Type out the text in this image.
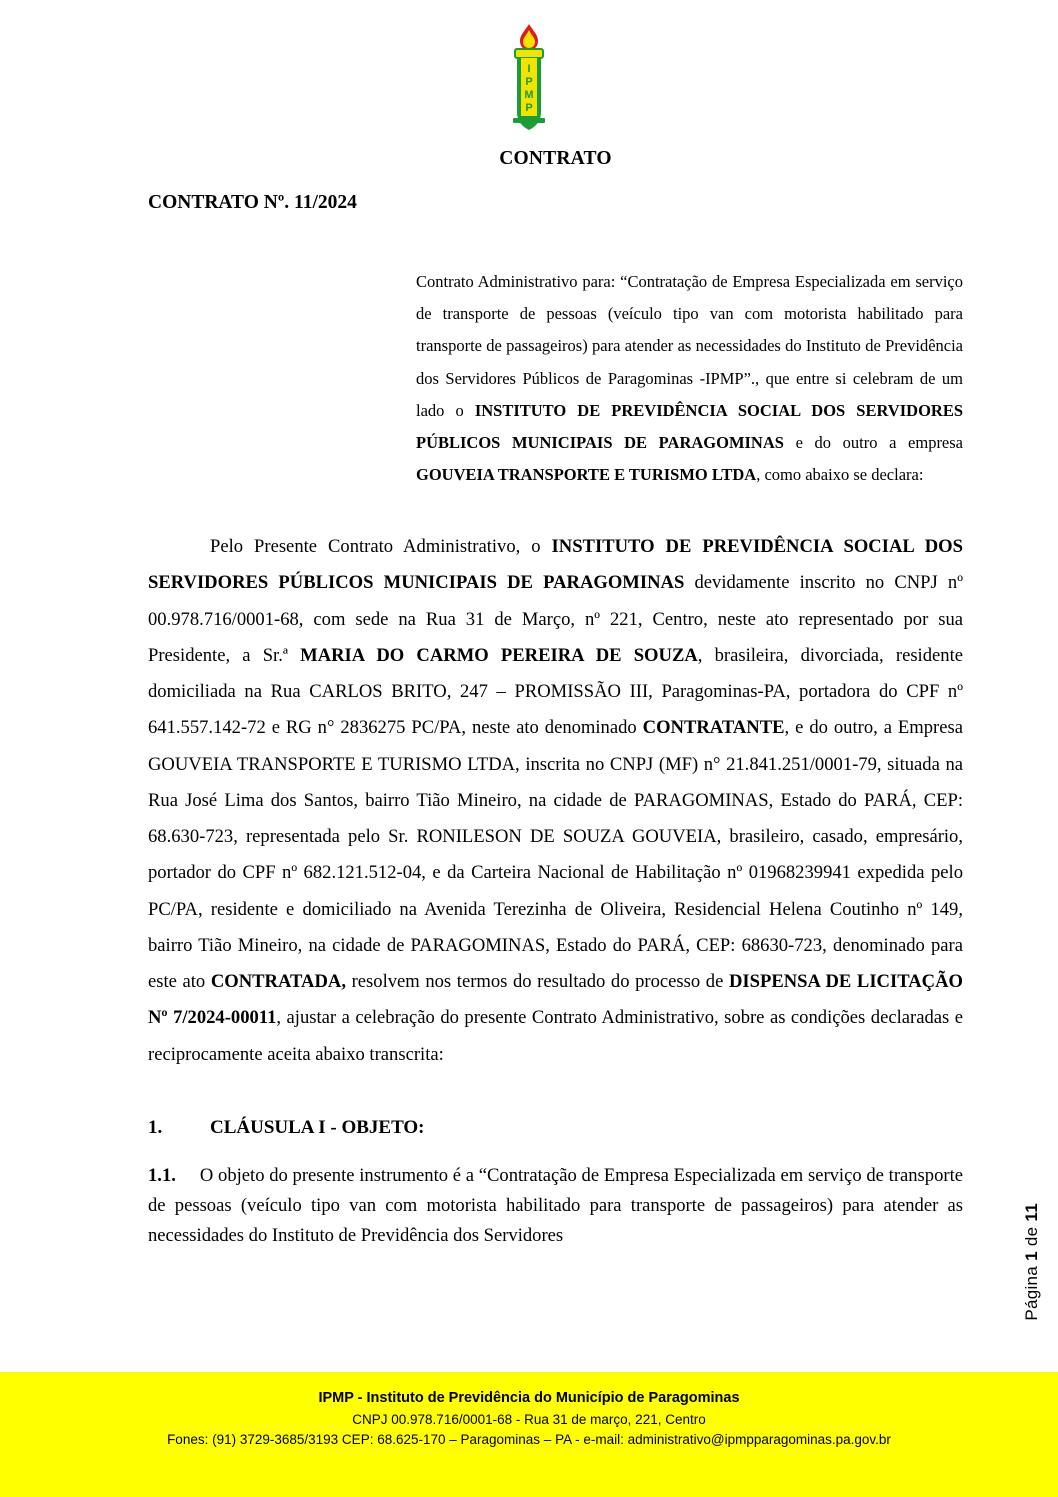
I
P
M
P
CONTRATO
CONTRATO Nº. 11/2024
Contrato Administrativo para: “Contratação de Empresa Especializada em serviço de transporte de pessoas (veículo tipo van com motorista habilitado para transporte de passageiros) para atender as necessidades do Instituto de Previdência dos Servidores Públicos de Paragominas -IPMP”., que entre si celebram de um lado o INSTITUTO DE PREVIDÊNCIA SOCIAL DOS SERVIDORES PÚBLICOS MUNICIPAIS DE PARAGOMINAS e do outro a empresa GOUVEIA TRANSPORTE E TURISMO LTDA, como abaixo se declara:
Pelo Presente Contrato Administrativo, o INSTITUTO DE PREVIDÊNCIA SOCIAL DOS SERVIDORES PÚBLICOS MUNICIPAIS DE PARAGOMINAS devidamente inscrito no CNPJ nº 00.978.716/0001-68, com sede na Rua 31 de Março, nº 221, Centro, neste ato representado por sua Presidente, a Sr.ª MARIA DO CARMO PEREIRA DE SOUZA, brasileira, divorciada, residente domiciliada na Rua CARLOS BRITO, 247 – PROMISSÃO III, Paragominas-PA, portadora do CPF nº 641.557.142-72 e RG n° 2836275 PC/PA, neste ato denominado CONTRATANTE, e do outro, a Empresa GOUVEIA TRANSPORTE E TURISMO LTDA, inscrita no CNPJ (MF) n° 21.841.251/0001-79, situada na Rua José Lima dos Santos, bairro Tião Mineiro, na cidade de PARAGOMINAS, Estado do PARÁ, CEP: 68.630-723, representada pelo Sr. RONILESON DE SOUZA GOUVEIA, brasileiro, casado, empresário, portador do CPF nº 682.121.512-04, e da Carteira Nacional de Habilitação nº 01968239941 expedida pelo PC/PA, residente e domiciliado na Avenida Terezinha de Oliveira, Residencial Helena Coutinho nº 149, bairro Tião Mineiro, na cidade de PARAGOMINAS, Estado do PARÁ, CEP: 68630-723, denominado para este ato CONTRATADA, resolvem nos termos do resultado do processo de DISPENSA DE LICITAÇÃO Nº 7/2024-00011, ajustar a celebração do presente Contrato Administrativo, sobre as condições declaradas e reciprocamente aceita abaixo transcrita:
1.	CLÁUSULA I - OBJETO:
1.1. O objeto do presente instrumento é a “Contratação de Empresa Especializada em serviço de transporte de pessoas (veículo tipo van com motorista habilitado para transporte de passageiros) para atender as necessidades do Instituto de Previdência dos Servidores
Página 1 de 11
IPMP - Instituto de Previdência do Município de Paragominas
CNPJ 00.978.716/0001-68 - Rua 31 de março, 221, Centro
Fones: (91) 3729-3685/3193 CEP: 68.625-170 – Paragominas – PA - e-mail: administrativo@ipmpparagominas.pa.gov.br
